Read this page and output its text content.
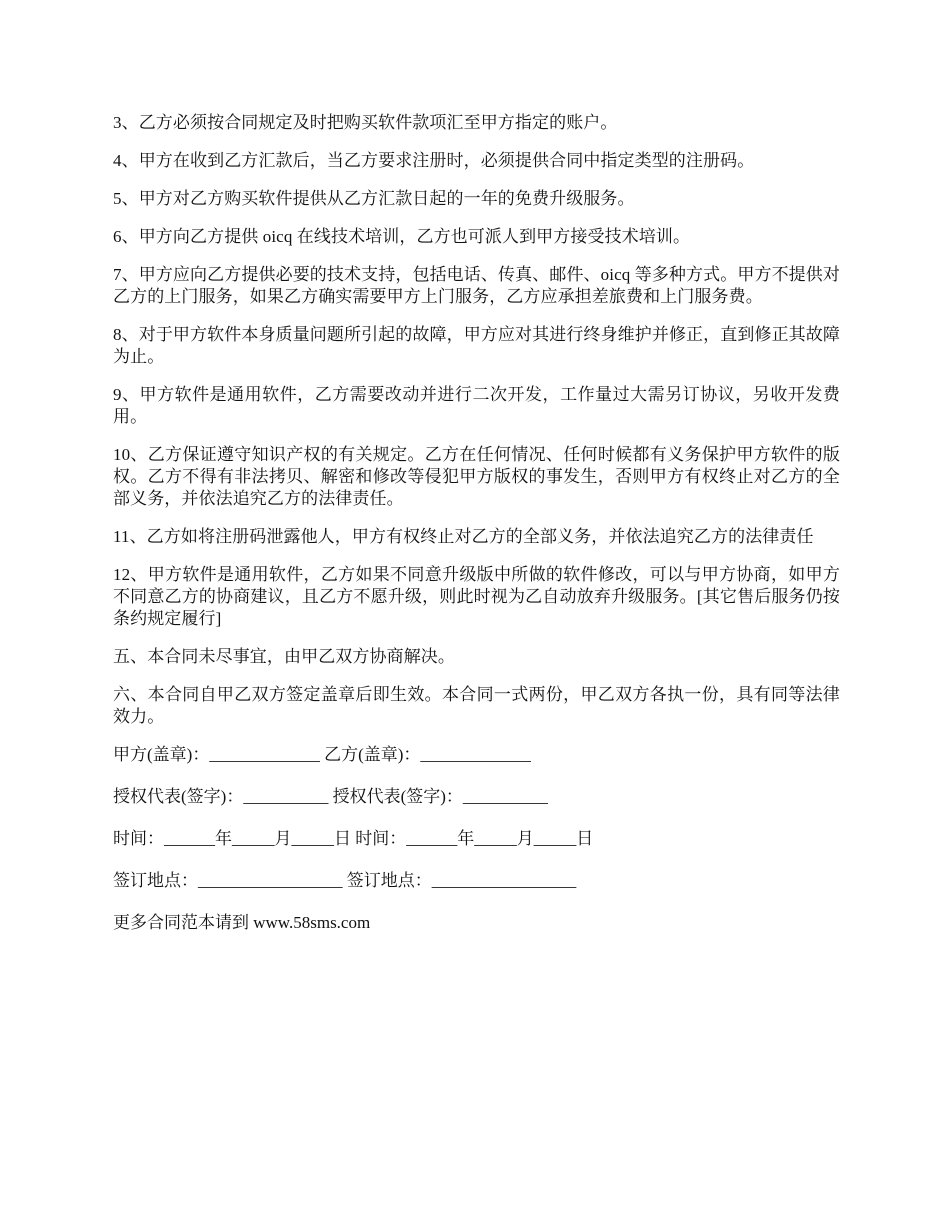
3、乙方必须按合同规定及时把购买软件款项汇至甲方指定的账户。

4、甲方在收到乙方汇款后，当乙方要求注册时，必须提供合同中指定类型的注册码。

5、甲方对乙方购买软件提供从乙方汇款日起的一年的免费升级服务。

6、甲方向乙方提供 oicq 在线技术培训，乙方也可派人到甲方接受技术培训。

7、甲方应向乙方提供必要的技术支持，包括电话、传真、邮件、oicq 等多种方式。甲方不提供对乙方的上门服务，如果乙方确实需要甲方上门服务，乙方应承担差旅费和上门服务费。

8、对于甲方软件本身质量问题所引起的故障，甲方应对其进行终身维护并修正，直到修正其故障为止。

9、甲方软件是通用软件，乙方需要改动并进行二次开发，工作量过大需另订协议，另收开发费用。

10、乙方保证遵守知识产权的有关规定。乙方在任何情况、任何时候都有义务保护甲方软件的版权。乙方不得有非法拷贝、解密和修改等侵犯甲方版权的事发生，否则甲方有权终止对乙方的全部义务，并依法追究乙方的法律责任。

11、乙方如将注册码泄露他人，甲方有权终止对乙方的全部义务，并依法追究乙方的法律责任

12、甲方软件是通用软件，乙方如果不同意升级版中所做的软件修改，可以与甲方协商，如甲方不同意乙方的协商建议，且乙方不愿升级，则此时视为乙自动放弃升级服务。[其它售后服务仍按条约规定履行]

五、本合同未尽事宜，由甲乙双方协商解决。

六、本合同自甲乙双方签定盖章后即生效。本合同一式两份，甲乙双方各执一份，具有同等法律效力。

甲方(盖章)：_____________ 乙方(盖章)：_____________
授权代表(签字)：__________ 授权代表(签字)：__________
时间：______年_____月_____日 时间：______年_____月_____日
签订地点：_________________ 签订地点：_________________
更多合同范本请到 www.58sms.com
